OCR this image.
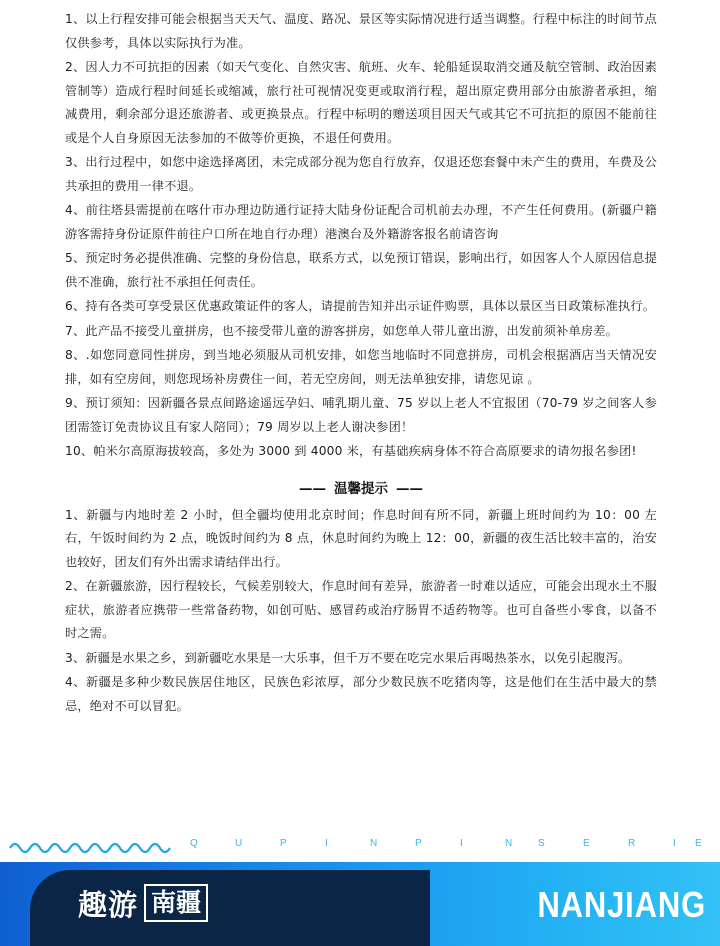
1、以上行程安排可能会根据当天天气、温度、路况、景区等实际情况进行适当调整。行程中标注的时间节点仅供参考，具体以实际执行为准。

2、因人力不可抗拒的因素（如天气变化、自然灾害、航班、火车、轮船延误取消交通及航空管制、政治因素管制等）造成行程时间延长或缩减，旅行社可视情况变更或取消行程，超出原定费用部分由旅游者承担，缩减费用，剩余部分退还旅游者、或更换景点。行程中标明的赠送项目因天气或其它不可抗拒的原因不能前往或是个人自身原因无法参加的不做等价更换，不退任何费用。

3、出行过程中，如您中途选择离团，未完成部分视为您自行放弃，仅退还您套餐中未产生的费用，车费及公共承担的费用一律不退。

4、前往塔县需提前在喀什市办理边防通行证持大陆身份证配合司机前去办理，不产生任何费用。(新疆户籍游客需持身份证原件前往户口所在地自行办理）港澳台及外籍游客报名前请咨询

5、预定时务必提供准确、完整的身份信息，联系方式，以免预订错误，影响出行，如因客人个人原因信息提供不准确，旅行社不承担任何责任。

6、持有各类可享受景区优惠政策证件的客人，请提前告知并出示证件购票，具体以景区当日政策标准执行。

7、此产品不接受儿童拼房，也不接受带儿童的游客拼房，如您单人带儿童出游，出发前须补单房差。

8、.如您同意同性拼房，到当地必须服从司机安排，如您当地临时不同意拼房，司机会根据酒店当天情况安排，如有空房间，则您现场补房费住一间，若无空房间，则无法单独安排，请您见谅 。

9、预订须知：因新疆各景点间路途遥远孕妇、哺乳期儿童、75 岁以上老人不宜报团（70-79 岁之间客人参 团需签订免责协议且有家人陪同）；79 周岁以上老人谢决参团！

10、帕米尔高原海拔较高，多处为 3000 到 4000 米，有基础疾病身体不符合高原要求的请勿报名参团!

—— 温馨提示 ——

1、新疆与内地时差 2 小时，但全疆均使用北京时间；作息时间有所不同，新疆上班时间约为 10：00 左右，午饭时间约为 2 点，晚饭时间约为 8 点，休息时间约为晚上 12：00，新疆的夜生活比较丰富的，治安也较好，团友们有外出需求请结伴出行。

2、在新疆旅游，因行程较长，气候差别较大，作息时间有差异，旅游者一时难以适应，可能会出现水土不服症状，旅游者应携带一些常备药物，如创可贴、感冒药或治疗肠胃不适药物等。也可自备些小零食，以备不时之需。

3、新疆是水果之乡，到新疆吃水果是一大乐事，但千万不要在吃完水果后再喝热茶水，以免引起腹泻。

4、新疆是多种少数民族居住地区，民族色彩浓厚，部分少数民族不吃猪肉等，这是他们在生活中最大的禁忌，绝对不可以冒犯。

Q	U	P	I	N	P	I	N	S	E	R	I E
趣游 南疆	NANJIANG
